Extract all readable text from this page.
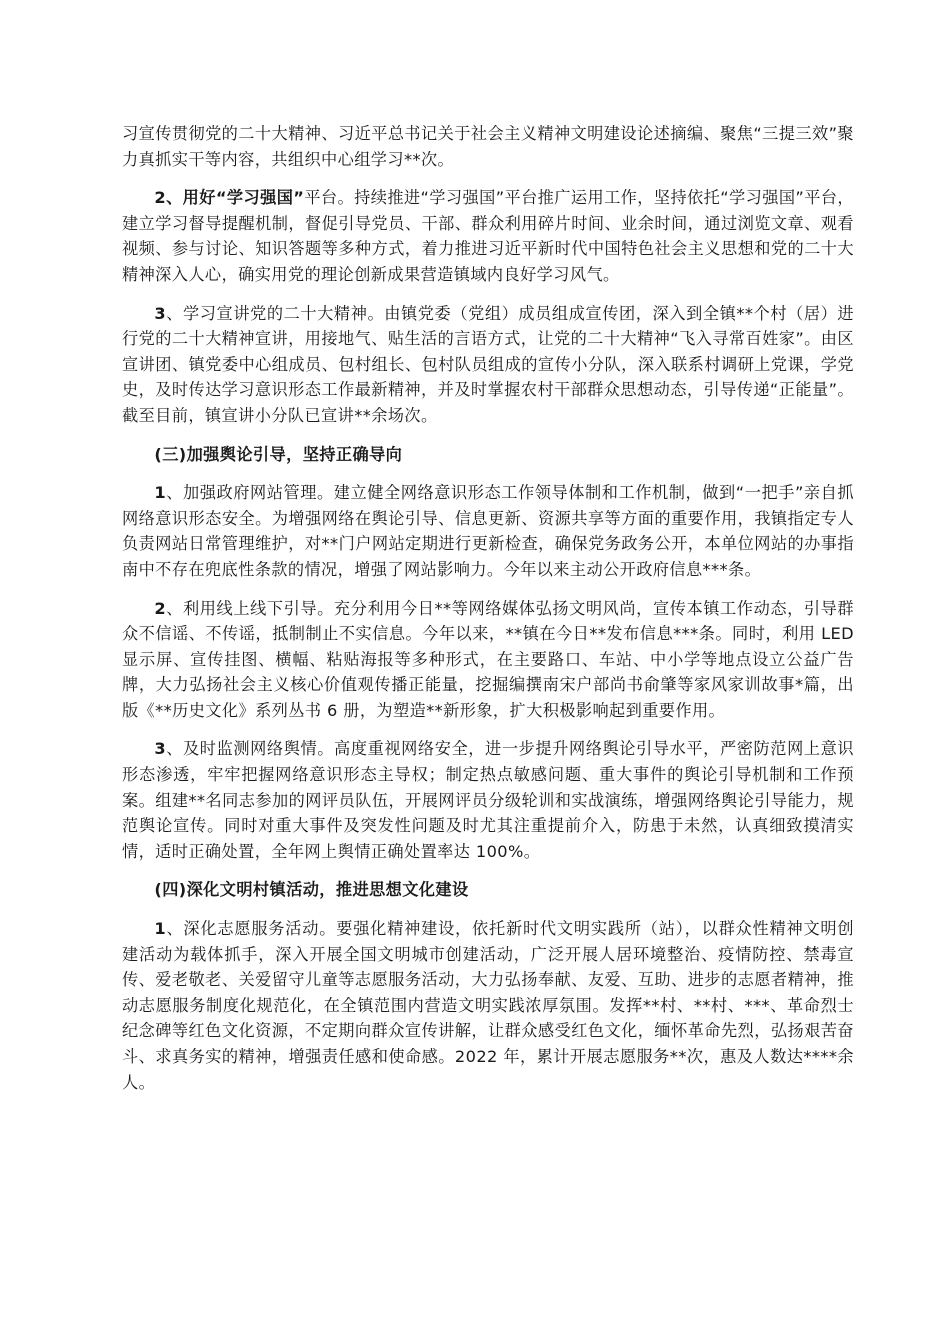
习宣传贯彻党的二十大精神、习近平总书记关于社会主义精神文明建设论述摘编、聚焦“三提三效”聚力真抓实干等内容，共组织中心组学习**次。

2、用好“学习强国”平台。持续推进“学习强国”平台推广运用工作，坚持依托“学习强国”平台，建立学习督导提醒机制，督促引导党员、干部、群众利用碎片时间、业余时间，通过浏览文章、观看视频、参与讨论、知识答题等多种方式，着力推进习近平新时代中国特色社会主义思想和党的二十大精神深入人心，确实用党的理论创新成果营造镇域内良好学习风气。

3、学习宣讲党的二十大精神。由镇党委（党组）成员组成宣传团，深入到全镇**个村（居）进行党的二十大精神宣讲，用接地气、贴生活的言语方式，让党的二十大精神“飞入寻常百姓家”。由区宣讲团、镇党委中心组成员、包村组长、包村队员组成的宣传小分队，深入联系村调研上党课，学党史，及时传达学习意识形态工作最新精神，并及时掌握农村干部群众思想动态，引导传递“正能量”。截至目前，镇宣讲小分队已宣讲**余场次。

(三)加强舆论引导，坚持正确导向

1、加强政府网站管理。建立健全网络意识形态工作领导体制和工作机制，做到“一把手”亲自抓网络意识形态安全。为增强网络在舆论引导、信息更新、资源共享等方面的重要作用，我镇指定专人负责网站日常管理维护，对**门户网站定期进行更新检查，确保党务政务公开，本单位网站的办事指南中不存在兜底性条款的情况，增强了网站影响力。今年以来主动公开政府信息***条。

2、利用线上线下引导。充分利用今日**等网络媒体弘扬文明风尚，宣传本镇工作动态，引导群众不信谣、不传谣，抵制制止不实信息。今年以来，**镇在今日**发布信息***条。同时，利用 LED 显示屏、宣传挂图、横幅、粘贴海报等多种形式，在主要路口、车站、中小学等地点设立公益广告牌，大力弘扬社会主义核心价值观传播正能量，挖掘编撰南宋户部尚书俞肇等家风家训故事*篇，出版《**历史文化》系列丛书 6 册，为塑造**新形象，扩大积极影响起到重要作用。

3、及时监测网络舆情。高度重视网络安全，进一步提升网络舆论引导水平，严密防范网上意识形态渗透，牢牢把握网络意识形态主导权；制定热点敏感问题、重大事件的舆论引导机制和工作预案。组建**名同志参加的网评员队伍，开展网评员分级轮训和实战演练，增强网络舆论引导能力，规范舆论宣传。同时对重大事件及突发性问题及时尤其注重提前介入，防患于未然，认真细致摸清实情，适时正确处置，全年网上舆情正确处置率达 100%。

(四)深化文明村镇活动，推进思想文化建设

1、深化志愿服务活动。要强化精神建设，依托新时代文明实践所（站），以群众性精神文明创建活动为载体抓手，深入开展全国文明城市创建活动，广泛开展人居环境整治、疫情防控、禁毒宣传、爱老敬老、关爱留守儿童等志愿服务活动，大力弘扬奉献、友爱、互助、进步的志愿者精神，推动志愿服务制度化规范化，在全镇范围内营造文明实践浓厚氛围。发挥**村、**村、***、革命烈士纪念碑等红色文化资源，不定期向群众宣传讲解，让群众感受红色文化，缅怀革命先烈，弘扬艰苦奋斗、求真务实的精神，增强责任感和使命感。2022 年，累计开展志愿服务**次，惠及人数达****余人。
